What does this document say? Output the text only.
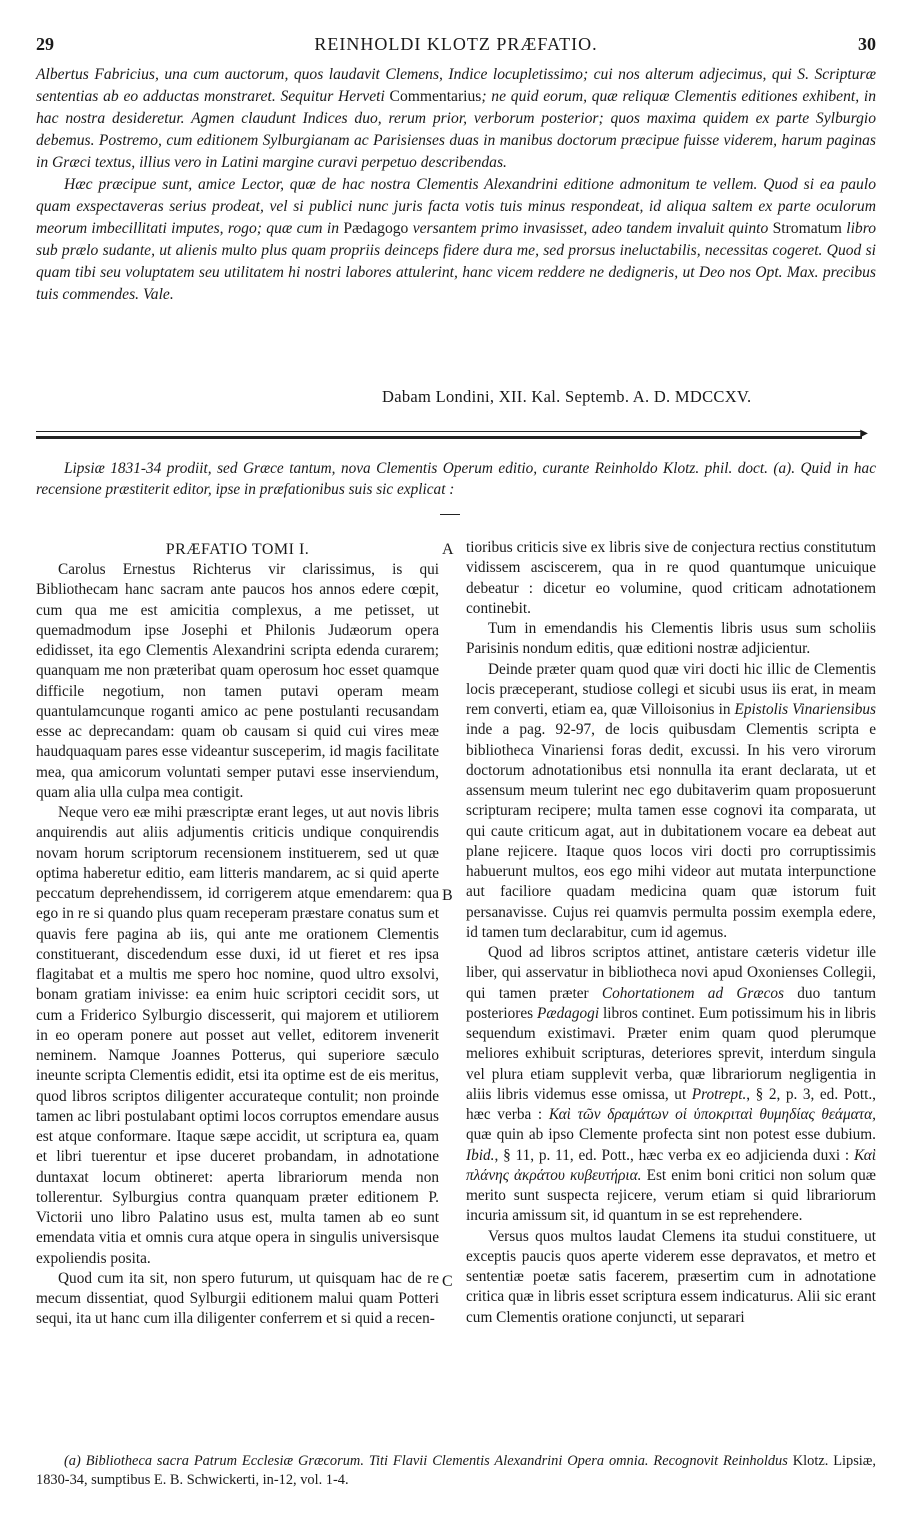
29	REINHOLDI KLOTZ PRÆFATIO.	30

Albertus Fabricius, una cum auctorum, quos laudavit Clemens, Indice locupletissimo; cui nos alterum adjecimus, qui S. Scripturæ sententias ab eo adductas monstraret. Sequitur Herveti Commentarius; ne quid eorum, quæ reliquæ Clementis editiones exhibent, in hac nostra desideretur. Agmen claudunt Indices duo, rerum prior, verborum posterior; quos maxima quidem ex parte Sylburgio debemus. Postremo, cum editionem Sylburgianam ac Parisienses duas in manibus doctorum præcipue fuisse viderem, harum paginas in Græci textus, illius vero in Latini margine curavi perpetuo describendas.

Hæc præcipue sunt, amice Lector, quæ de hac nostra Clementis Alexandrini editione admonitum te vellem. Quod si ea paulo quam exspectaveras serius prodeat, vel si publici nunc juris facta votis tuis minus respondeat, id aliqua saltem ex parte oculorum meorum imbecillitati imputes, rogo; quæ cum in Pædagogo versantem primo invasisset, adeo tandem invaluit quinto Stromatum libro sub prælo sudante, ut alienis multo plus quam propriis deinceps fidere dura me, sed prorsus ineluctabilis, necessitas cogeret. Quod si quam tibi seu voluptatem seu utilitatem hi nostri labores attulerint, hanc vicem reddere ne dedigneris, ut Deo nos Opt. Max. precibus tuis commendes. Vale.

Dabam Londini, XII. Kal. Septemb. A. D. MDCCXV.
▶
Lipsiæ 1831-34 prodiit, sed Græce tantum, nova Clementis Operum editio, curante Reinholdo Klotz. phil. doct. (a). Quid in hac recensione præstiterit editor, ipse in præfationibus suis sic explicat :
PRÆFATIO TOMI I.

Carolus Ernestus Richterus vir clarissimus, is qui Bibliothecam hanc sacram ante paucos hos annos edere cœpit, cum qua me est amicitia complexus, a me petisset, ut quemadmodum ipse Josephi et Philonis Judæorum opera edidisset, ita ego Clementis Alexandrini scripta edenda curarem; quanquam me non præteribat quam operosum hoc esset quamque difficile negotium, non tamen putavi operam meam quantulamcunque roganti amico ac pene postulanti recusandam esse ac deprecandam: quam ob causam si quid cui vires meæ haudquaquam pares esse videantur susceperim, id magis facilitate mea, qua amicorum voluntati semper putavi esse inserviendum, quam alia ulla culpa mea contigit.

Neque vero eæ mihi præscriptæ erant leges, ut aut novis libris anquirendis aut aliis adjumentis criticis undique conquirendis novam horum scriptorum recensionem instituerem, sed ut quæ optima haberetur editio, eam litteris mandarem, ac si quid aperte peccatum deprehendissem, id corrigerem atque emendarem: qua ego in re si quando plus quam receperam præstare conatus sum et quavis fere pagina ab iis, qui ante me orationem Clementis constituerant, discedendum esse duxi, id ut fieret et res ipsa flagitabat et a multis me spero hoc nomine, quod ultro exsolvi, bonam gratiam inivisse: ea enim huic scriptori cecidit sors, ut cum a Friderico Sylburgio discesserit, qui majorem et utiliorem in eo operam ponere aut posset aut vellet, editorem invenerit neminem. Namque Joannes Potterus, qui superiore sæculo ineunte scripta Clementis edidit, etsi ita optime est de eis meritus, quod libros scriptos diligenter accurateque contulit; non proinde tamen ac libri postulabant optimi locos corruptos emendare ausus est atque conformare. Itaque sæpe accidit, ut scriptura ea, quam et libri tuerentur et ipse duceret probandam, in adnotatione duntaxat locum obtineret: aperta librariorum menda non tollerentur. Sylburgius contra quanquam præter editionem P. Victorii uno libro Palatino usus est, multa tamen ab eo sunt emendata vitia et omnis cura atque opera in singulis universisque expoliendis posita.

Quod cum ita sit, non spero futurum, ut quisquam hac de re mecum dissentiat, quod Sylburgii editionem malui quam Potteri sequi, ita ut hanc cum illa diligenter conferrem et si quid a recen-

A
B
C

tioribus criticis sive ex libris sive de conjectura rectius constitutum vidissem asciscerem, qua in re quod quantumque unicuique debeatur : dicetur eo volumine, quod criticam adnotationem continebit.

Tum in emendandis his Clementis libris usus sum scholiis Parisinis nondum editis, quæ editioni nostræ adjicientur.

Deinde præter quam quod quæ viri docti hic illic de Clementis locis præceperant, studiose collegi et sicubi usus iis erat, in meam rem converti, etiam ea, quæ Villoisonius in Epistolis Vinariensibus inde a pag. 92-97, de locis quibusdam Clementis scripta e bibliotheca Vinariensi foras dedit, excussi. In his vero virorum doctorum adnotationibus etsi nonnulla ita erant declarata, ut et assensum meum tulerint nec ego dubitaverim quam proposuerunt scripturam recipere; multa tamen esse cognovi ita comparata, ut qui caute criticum agat, aut in dubitationem vocare ea debeat aut plane rejicere. Itaque quos locos viri docti pro corruptissimis habuerunt multos, eos ego mihi videor aut mutata interpunctione aut faciliore quadam medicina quam quæ istorum fuit persanavisse. Cujus rei quamvis permulta possim exempla edere, id tamen tum declarabitur, cum id agemus.

Quod ad libros scriptos attinet, antistare cæteris videtur ille liber, qui asservatur in bibliotheca novi apud Oxonienses Collegii, qui tamen præter Cohortationem ad Græcos duo tantum posteriores Pædagogi libros continet. Eum potissimum his in libris sequendum existimavi. Præter enim quam quod plerumque meliores exhibuit scripturas, deteriores sprevit, interdum singula vel plura etiam supplevit verba, quæ librariorum negligentia in aliis libris videmus esse omissa, ut Protrept., § 2, p. 3, ed. Pott., hæc verba : Καὶ τῶν δραμάτων οἱ ὑποκριταὶ θυμηδίας θεάματα, quæ quin ab ipso Clemente profecta sint non potest esse dubium. Ibid., § 11, p. 11, ed. Pott., hæc verba ex eo adjicienda duxi : Καὶ πλάνης ἀκράτου κυβευτήρια. Est enim boni critici non solum quæ merito sunt suspecta rejicere, verum etiam si quid librariorum incuria amissum sit, id quantum in se est reprehendere.

Versus quos multos laudat Clemens ita studui constituere, ut exceptis paucis quos aperte viderem esse depravatos, et metro et sententiæ poetæ satis facerem, præsertim cum in adnotatione critica quæ in libris esset scriptura essem indicaturus. Alii sic erant cum Clementis oratione conjuncti, ut separari

(a) Bibliotheca sacra Patrum Ecclesiæ Græcorum. Titi Flavii Clementis Alexandrini Opera omnia. Recognovit Reinholdus Klotz. Lipsiæ, 1830-34, sumptibus E. B. Schwickerti, in-12, vol. 1-4.
